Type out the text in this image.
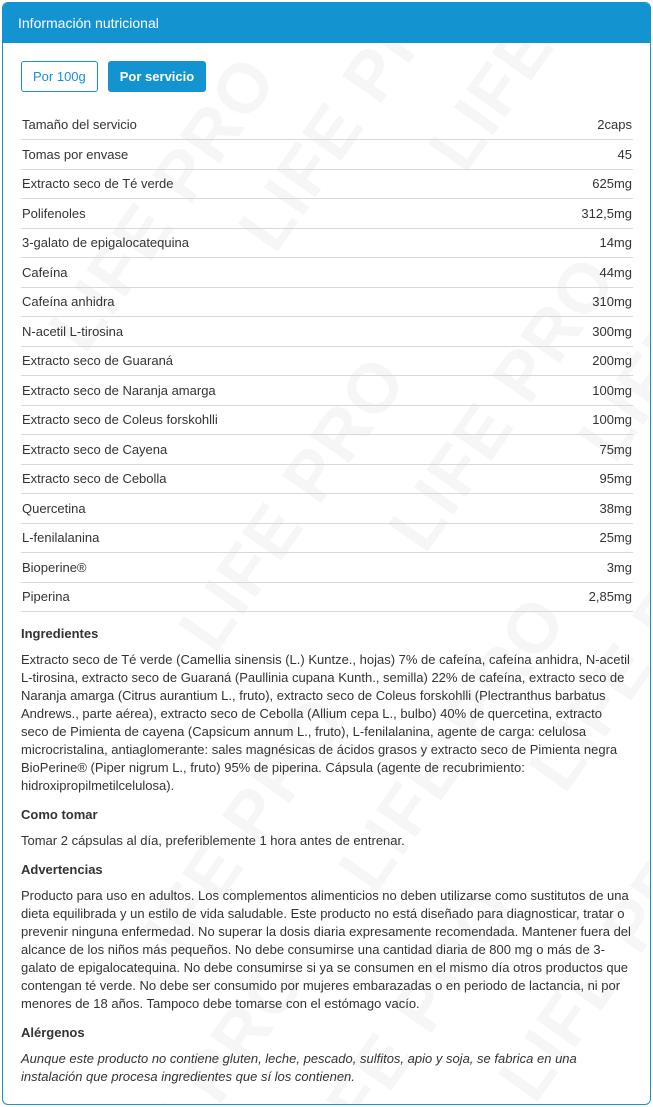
Información nutricional
Por 100g	Por servicio
Tamaño del servicio	2caps
Tomas por envase	45
Extracto seco de Té verde	625mg
Polifenoles	312,5mg
3-galato de epigalocatequina	14mg
Cafeína	44mg
Cafeína anhidra	310mg
N-acetil L-tirosina	300mg
Extracto seco de Guaraná	200mg
Extracto seco de Naranja amarga	100mg
Extracto seco de Coleus forskohlli	100mg
Extracto seco de Cayena	75mg
Extracto seco de Cebolla	95mg
Quercetina	38mg
L-fenilalanina	25mg
Bioperine®	3mg
Piperina	2,85mg
Ingredientes
Extracto seco de Té verde (Camellia sinensis (L.) Kuntze., hojas) 7% de cafeína, cafeína anhidra, N-acetil L-tirosina, extracto seco de Guaraná (Paullinia cupana Kunth., semilla) 22% de cafeína, extracto seco de Naranja amarga (Citrus aurantium L., fruto), extracto seco de Coleus forskohlli (Plectranthus barbatus Andrews., parte aérea), extracto seco de Cebolla (Allium cepa L., bulbo) 40% de quercetina, extracto seco de Pimienta de cayena (Capsicum annum L., fruto), L-fenilalanina, agente de carga: celulosa microcristalina, antiaglomerante: sales magnésicas de ácidos grasos y extracto seco de Pimienta negra BioPerine® (Piper nigrum L., fruto) 95% de piperina. Cápsula (agente de recubrimiento: hidroxipropilmetilcelulosa).
Como tomar
Tomar 2 cápsulas al día, preferiblemente 1 hora antes de entrenar.
Advertencias
Producto para uso en adultos. Los complementos alimenticios no deben utilizarse como sustitutos de una dieta equilibrada y un estilo de vida saludable. Este producto no está diseñado para diagnosticar, tratar o prevenir ninguna enfermedad. No superar la dosis diaria expresamente recomendada. Mantener fuera del alcance de los niños más pequeños. No debe consumirse una cantidad diaria de 800 mg o más de 3-galato de epigalocatequina. No debe consumirse si ya se consumen en el mismo día otros productos que contengan té verde. No debe ser consumido por mujeres embarazadas o en periodo de lactancia, ni por menores de 18 años. Tampoco debe tomarse con el estómago vacío.
Alérgenos
Aunque este producto no contiene gluten, leche, pescado, sulfitos, apio y soja, se fabrica en una instalación que procesa ingredientes que sí los contienen.
